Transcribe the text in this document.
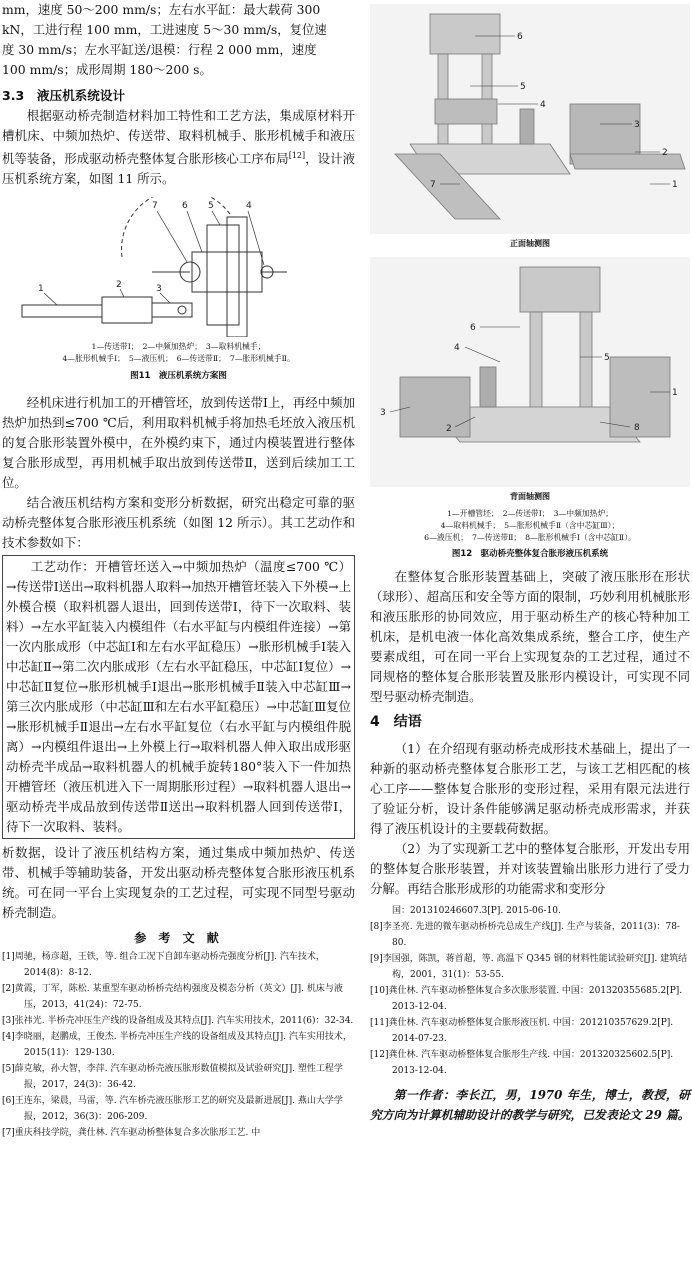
mm，速度 50～200 mm/s；左右水平缸：最大载荷 300

kN，工进行程 100 mm，工进速度 5～30 mm/s，复位速

度 30 mm/s；左水平缸送/退模：行程 2 000 mm，速度

100 mm/s；成形周期 180～200 s。

3.3　液压机系统设计

根据驱动桥壳制造材料加工特性和工艺方法，集成原材料开槽机床、中频加热炉、传送带、取料机械手、胀形机械手和液压机等装备，形成驱动桥壳整体复合胀形核心工序布局[12]，设计液压机系统方案，如图 11 所示。

1	2	3
4
5
6
7
1—传送带Ⅰ；　2—中频加热炉；　3—取料机械手；
4—胀形机械手Ⅰ；　5—液压机；　6—传送带Ⅱ；　7—胀形机械手Ⅱ。
图11　液压机系统方案图

经机床进行机加工的开槽管坯，放到传送带Ⅰ上，再经中频加热炉加热到≤700 ℃后，利用取料机械手将加热毛坯放入液压机的复合胀形装置外模中，在外模约束下，通过内模装置进行整体复合胀形成型，再用机械手取出放到传送带Ⅱ，送到后续加工工位。

结合液压机结构方案和变形分析数据，研究出稳定可靠的驱动桥壳整体复合胀形液压机系统（如图 12 所示）。其工艺动作和技术参数如下：

工艺动作：开槽管坯送入→中频加热炉（温度≤700 ℃）→传送带Ⅰ送出→取料机器人取料→加热开槽管坯装入下外模→上外模合模（取料机器人退出，回到传送带Ⅰ，待下一次取料、装料）→左水平缸装入内模组件（右水平缸与内模组件连接）→第一次内胀成形（中芯缸Ⅰ和左右水平缸稳压）→胀形机械手Ⅰ装入中芯缸Ⅱ→第二次内胀成形（左右水平缸稳压，中芯缸Ⅰ复位）→中芯缸Ⅱ复位→胀形机械手Ⅰ退出→胀形机械手Ⅱ装入中芯缸Ⅲ→第三次内胀成形（中芯缸Ⅲ和左右水平缸稳压）→中芯缸Ⅲ复位→胀形机械手Ⅱ退出→左右水平缸复位（右水平缸与内模组件脱离）→内模组件退出→上外模上行→取料机器人伸入取出成形驱动桥壳半成品→取料机器人的机械手旋转180°装入下一件加热开槽管坯（液压机进入下一周期胀形过程）→取料机器人退出→驱动桥壳半成品放到传送带Ⅱ送出→取料机器人回到传送带Ⅰ，待下一次取料、装料。

析数据，设计了液压机结构方案，通过集成中频加热炉、传送带、机械手等辅助装备，开发出驱动桥壳整体复合胀形液压机系统。可在同一平台上实现复杂的工艺过程，可实现不同型号驱动桥壳制造。

参 考 文 献
[1]周驰，杨彦超，王铁，等. 组合工况下自卸车驱动桥壳强度分析[J]. 汽车技术，2014(8)：8-12.
[2]黄霞，丁军，陈松. 某重型车驱动桥桥壳结构强度及模态分析（英文）[J]. 机床与液压，2013，41(24)：72-75.
[3]张祎光. 半桥壳冲压生产线的设备组成及其特点[J]. 汽车实用技术，2011(6)：32-34.
[4]李晓丽，赵鹏成，王俊杰. 半桥壳冲压生产线的设备组成及其特点[J]. 汽车实用技术，2015(11)：129-130.
[5]薛克敏，孙大智，李萍. 汽车驱动桥壳液压胀形数值模拟及试验研究[J]. 塑性工程学报，2017，24(3)：36-42.
[6]王连东，梁晨，马雷，等. 汽车桥壳液压胀形工艺的研究及最新进展[J]. 燕山大学学报，2012，36(3)：206-209.
[7]重庆科技学院，龚仕林. 汽车驱动桥整体复合多次胀形工艺. 中
6
5
4
3
2
1
7
正面轴测图
6
4
5
3
2	8
1
背面轴测图
1—开槽管坯；　2—传送带Ⅰ；　3—中频加热炉；
4—取料机械手；　5—胀形机械手Ⅱ（含中芯缸Ⅲ）；
6—液压机；　7—传送带Ⅱ；　8—胀形机械手Ⅰ（含中芯缸Ⅱ）。
图12　驱动桥壳整体复合胀形液压机系统

在整体复合胀形装置基础上，突破了液压胀形在形状（球形）、超高压和安全等方面的限制，巧妙利用机械胀形和液压胀形的协同效应，用于驱动桥生产的核心特种加工机床，是机电液一体化高效集成系统，整合工序，使生产要素成组，可在同一平台上实现复杂的工艺过程，通过不同规格的整体复合胀形装置及胀形内模设计，可实现不同型号驱动桥壳制造。

4　结语

（1）在介绍现有驱动桥壳成形技术基础上，提出了一种新的驱动桥壳整体复合胀形工艺，与该工艺相匹配的核心工序——整体复合胀形的变形过程，采用有限元法进行了验证分析，设计条件能够满足驱动桥壳成形需求，并获得了液压机设计的主要载荷数据。

（2）为了实现新工艺中的整体复合胀形，开发出专用的整体复合胀形装置，并对该装置输出胀形力进行了受力分解。再结合胀形成形的功能需求和变形分

国：201310246607.3[P]. 2015-06-10.
[8]李圣亮. 先进的微车驱动桥桥壳总成生产线[J]. 生产与装备，2011(3)：78-80.
[9]李国强，陈凯，蒋首超，等. 高温下 Q345 钢的材料性能试验研究[J]. 建筑结构，2001，31(1)：53-55.
[10]龚仕林. 汽车驱动桥整体复合多次胀形装置. 中国：201320355685.2[P]. 2013-12-04.
[11]龚仕林. 汽车驱动桥整体复合胀形液压机. 中国：201210357629.2[P]. 2014-07-23.
[12]龚仕林. 汽车驱动桥整体复合胀形生产线. 中国：201320325602.5[P]. 2013-12-04.

第一作者：李长江，男，1970 年生，博士，教授，研究方向为计算机辅助设计的教学与研究，已发表论文 29 篇。
